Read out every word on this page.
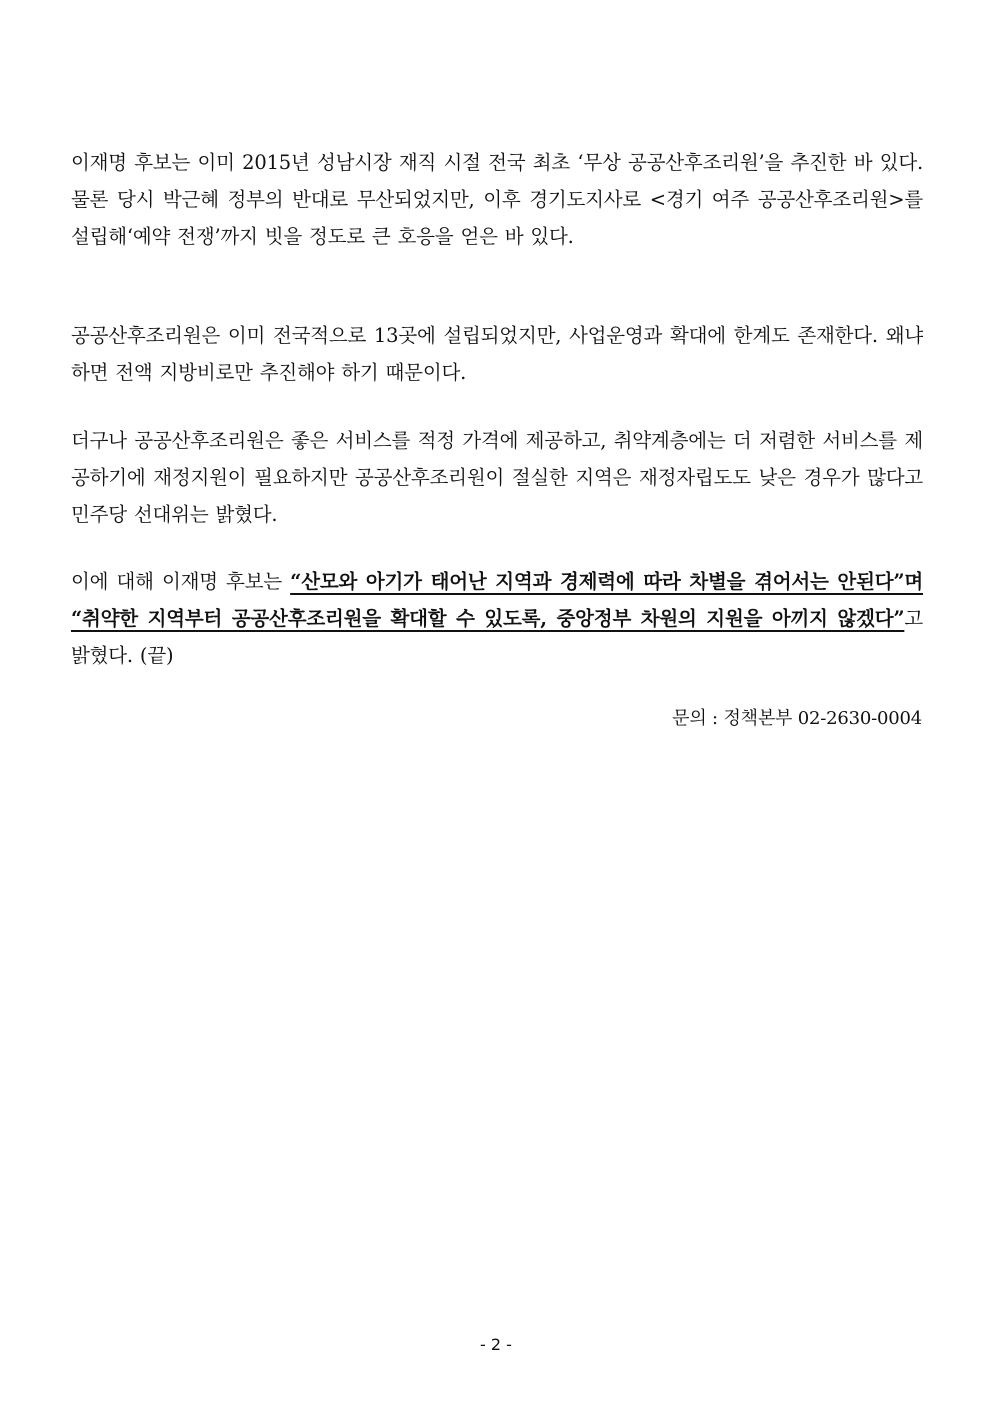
이재명 후보는 이미 2015년 성남시장 재직 시절 전국 최초 ‘무상 공공산후조리원’을 추진한 바 있다. 물론 당시 박근혜 정부의 반대로 무산되었지만, 이후 경기도지사로 <경기 여주 공공산후조리원>를 설립해‘예약 전쟁’까지 빗을 정도로 큰 호응을 얻은 바 있다.

공공산후조리원은 이미 전국적으로 13곳에 설립되었지만, 사업운영과 확대에 한계도 존재한다. 왜냐하면 전액 지방비로만 추진해야 하기 때문이다.

더구나 공공산후조리원은 좋은 서비스를 적정 가격에 제공하고, 취약계층에는 더 저렴한 서비스를 제공하기에 재정지원이 필요하지만 공공산후조리원이 절실한 지역은 재정자립도도 낮은 경우가 많다고 민주당 선대위는 밝혔다.

이에 대해 이재명 후보는 “산모와 아기가 태어난 지역과 경제력에 따라 차별을 겪어서는 안된다”며 “취약한 지역부터 공공산후조리원을 확대할 수 있도록, 중앙정부 차원의 지원을 아끼지 않겠다”고 밝혔다. (끝)

문의 : 정책본부 02-2630-0004

- 2 -
